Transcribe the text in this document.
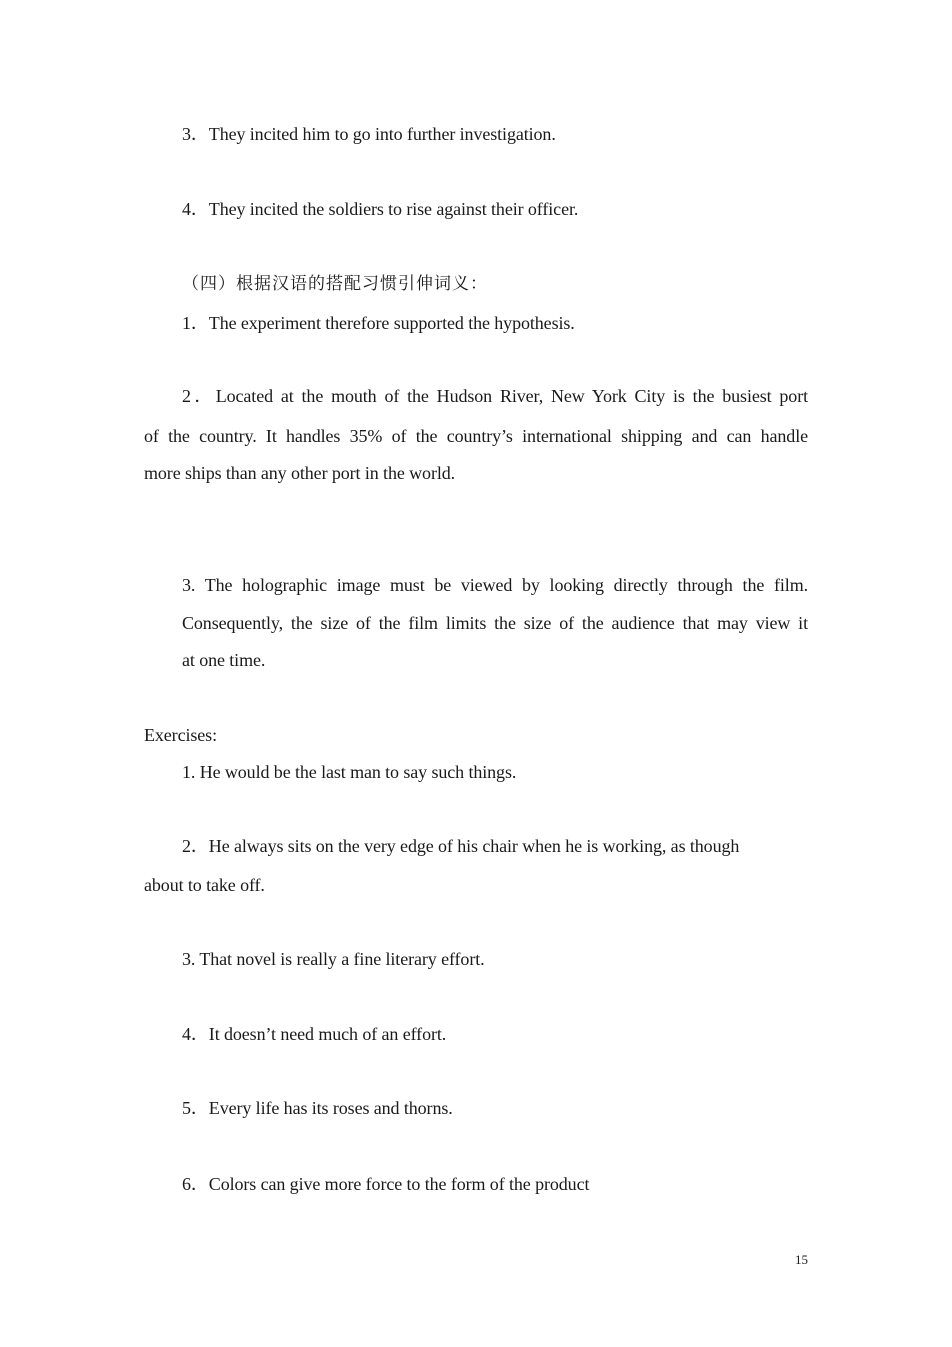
3．They incited him to go into further investigation.
4．They incited the soldiers to rise against their officer.
（四）根据汉语的搭配习惯引伸词义：
1．The experiment therefore supported the hypothesis.
2．Located at the mouth of the Hudson River, New York City is the busiest port
of the country. It handles 35% of the country’s international shipping and can handle
more ships than any other port in the world.
3. The holographic image must be viewed by looking directly through the film.
Consequently, the size of the film limits the size of the audience that may view it
at one time.
Exercises:
1. He would be the last man to say such things.
2．He always sits on the very edge of his chair when he is working, as though
about to take off.
3. That novel is really a fine literary effort.
4．It doesn’t need much of an effort.
5．Every life has its roses and thorns.
6．Colors can give more force to the form of the product
15
